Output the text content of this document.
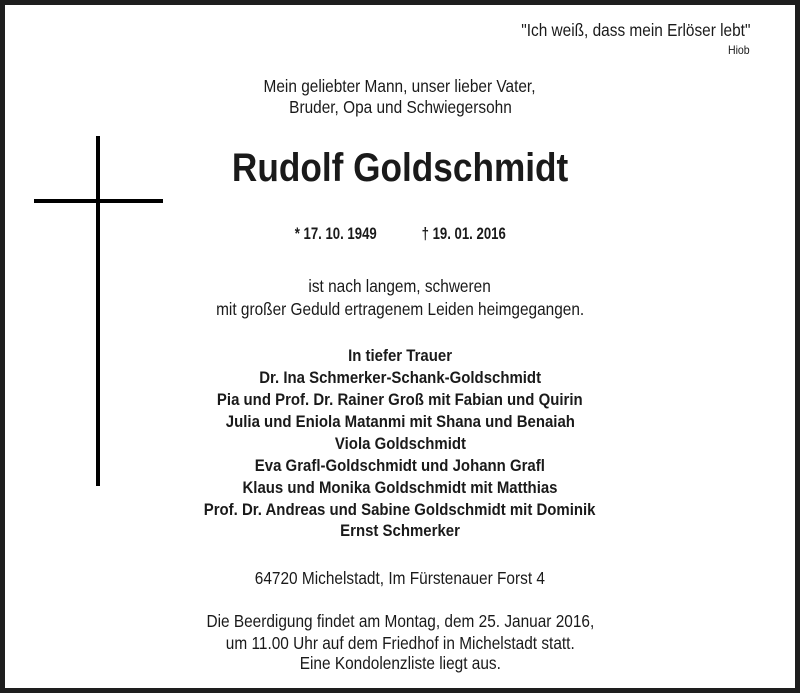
"Ich weiß, dass mein Erlöser lebt"
Hiob
Mein geliebter Mann, unser lieber Vater,
Bruder, Opa und Schwiegersohn
Rudolf Goldschmidt
* 17. 10. 1949	† 19. 01. 2016
ist nach langem, schweren
mit großer Geduld ertragenem Leiden heimgegangen.
In tiefer Trauer
Dr. Ina Schmerker-Schank-Goldschmidt
Pia und Prof. Dr. Rainer Groß mit Fabian und Quirin
Julia und Eniola Matanmi mit Shana und Benaiah
Viola Goldschmidt
Eva Grafl-Goldschmidt und Johann Grafl
Klaus und Monika Goldschmidt mit Matthias
Prof. Dr. Andreas und Sabine Goldschmidt mit Dominik
Ernst Schmerker
64720 Michelstadt, Im Fürstenauer Forst 4
Die Beerdigung findet am Montag, dem 25. Januar 2016,
um 11.00 Uhr auf dem Friedhof in Michelstadt statt.
Eine Kondolenzliste liegt aus.
